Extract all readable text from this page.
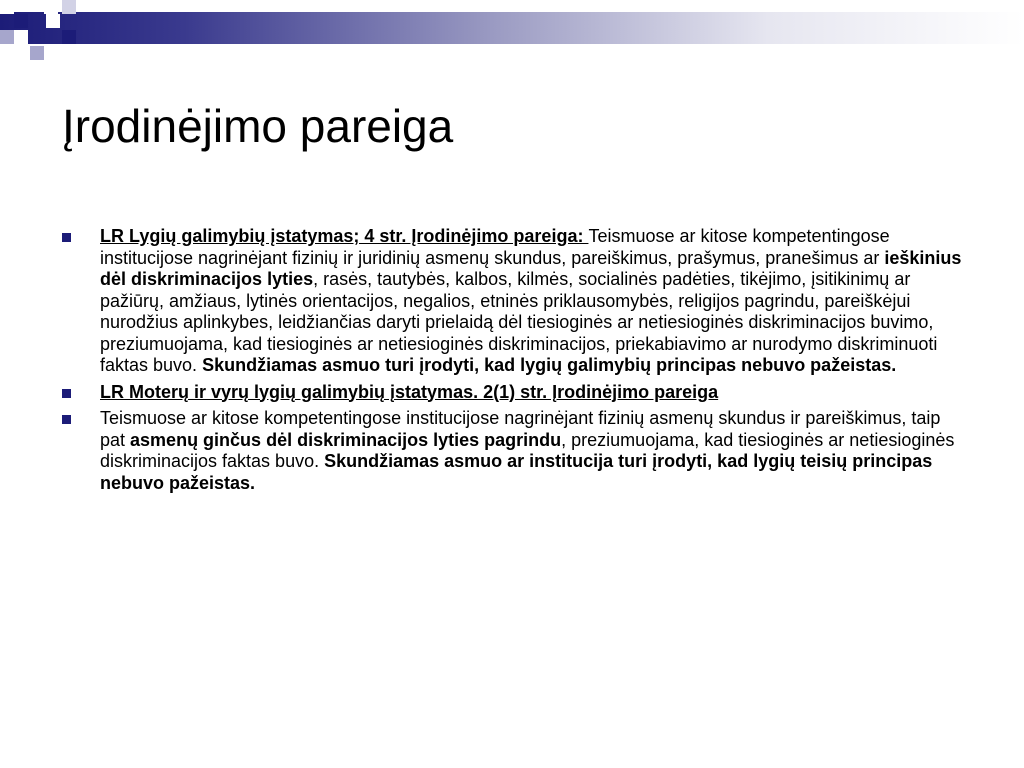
Įrodinėjimo pareiga
LR Lygių galimybių įstatymas; 4 str. Įrodinėjimo pareiga: Teismuose ar kitose kompetentingose institucijose nagrinėjant fizinių ir juridinių asmenų skundus, pareiškimus, prašymus, pranešimus ar ieškinius dėl diskriminacijos lyties, rasės, tautybės, kalbos, kilmės, socialinės padėties, tikėjimo, įsitikinimų ar pažiūrų, amžiaus, lytinės orientacijos, negalios, etninės priklausomybės, religijos pagrindu, pareiškėjui nurodžius aplinkybes, leidžiančias daryti prielaidą dėl tiesioginės ar netiesioginės diskriminacijos buvimo, preziumuojama, kad tiesioginės ar netiesioginės diskriminacijos, priekabiavimo ar nurodymo diskriminuoti faktas buvo. Skundžiamas asmuo turi įrodyti, kad lygių galimybių principas nebuvo pažeistas.
LR Moterų ir vyrų lygių galimybių įstatymas. 2(1) str. Įrodinėjimo pareiga
Teismuose ar kitose kompetentingose institucijose nagrinėjant fizinių asmenų skundus ir pareiškimus, taip pat asmenų ginčus dėl diskriminacijos lyties pagrindu, preziumuojama, kad tiesioginės ar netiesioginės diskriminacijos faktas buvo. Skundžiamas asmuo ar institucija turi įrodyti, kad lygių teisių principas nebuvo pažeistas.
